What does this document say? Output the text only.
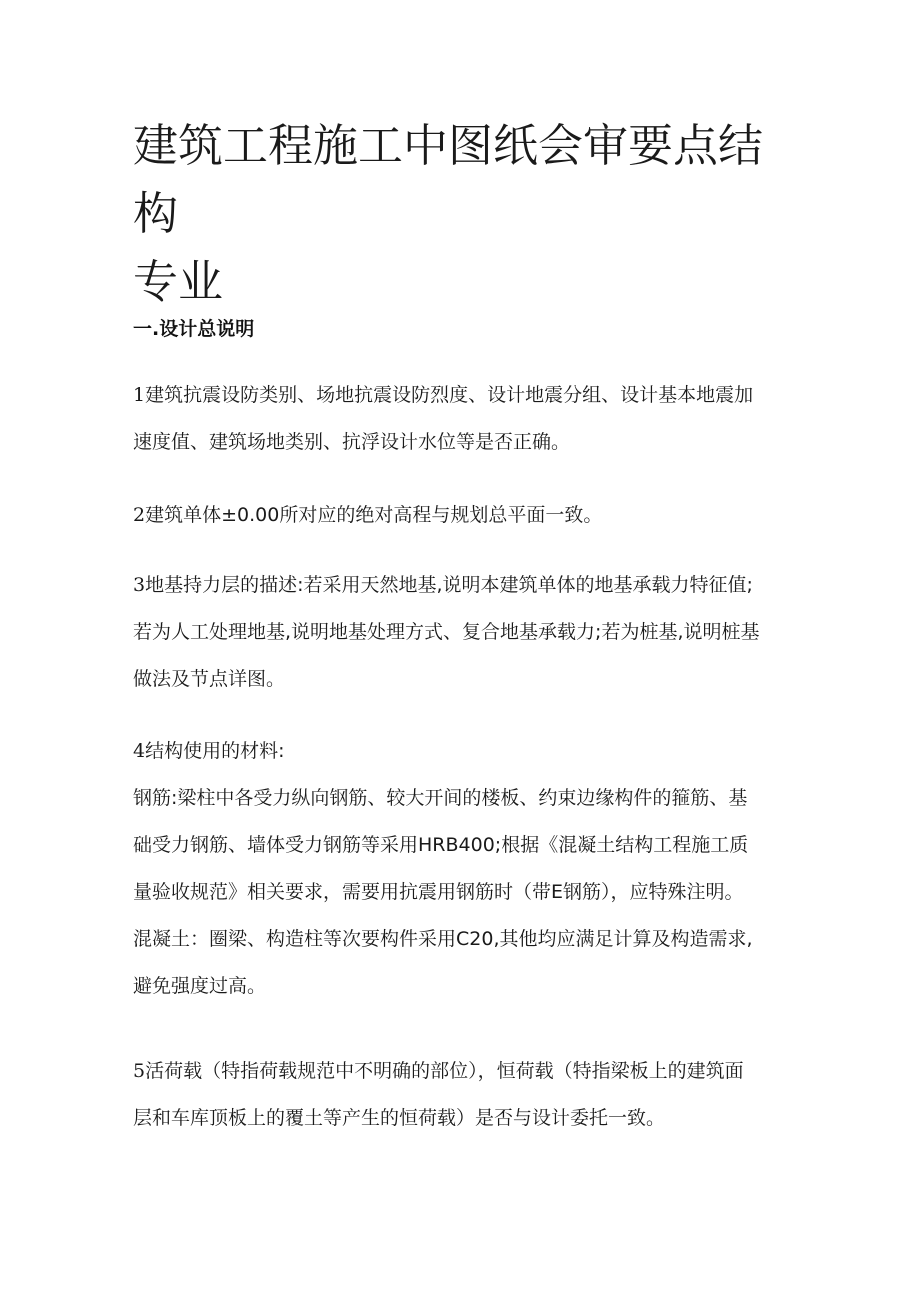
建筑工程施工中图纸会审要点结构
专业
一.设计总说明

1建筑抗震设防类别、场地抗震设防烈度、设计地震分组、设计基本地震加
速度值、建筑场地类别、抗浮设计水位等是否正确。

2建筑单体±0.00所对应的绝对高程与规划总平面一致。

3地基持力层的描述:若采用天然地基,说明本建筑单体的地基承载力特征值;
若为人工处理地基,说明地基处理方式、复合地基承载力;若为桩基,说明桩基
做法及节点详图。

4结构使用的材料:
钢筋:梁柱中各受力纵向钢筋、较大开间的楼板、约束边缘构件的箍筋、基
础受力钢筋、墙体受力钢筋等采用HRB400;根据《混凝土结构工程施工质
量验收规范》相关要求，需要用抗震用钢筋时（带E钢筋），应特殊注明。
混凝土：圈梁、构造柱等次要构件采用C20,其他均应满足计算及构造需求,
避免强度过高。

5活荷载（特指荷载规范中不明确的部位），恒荷载（特指梁板上的建筑面
层和车库顶板上的覆土等产生的恒荷载）是否与设计委托一致。
